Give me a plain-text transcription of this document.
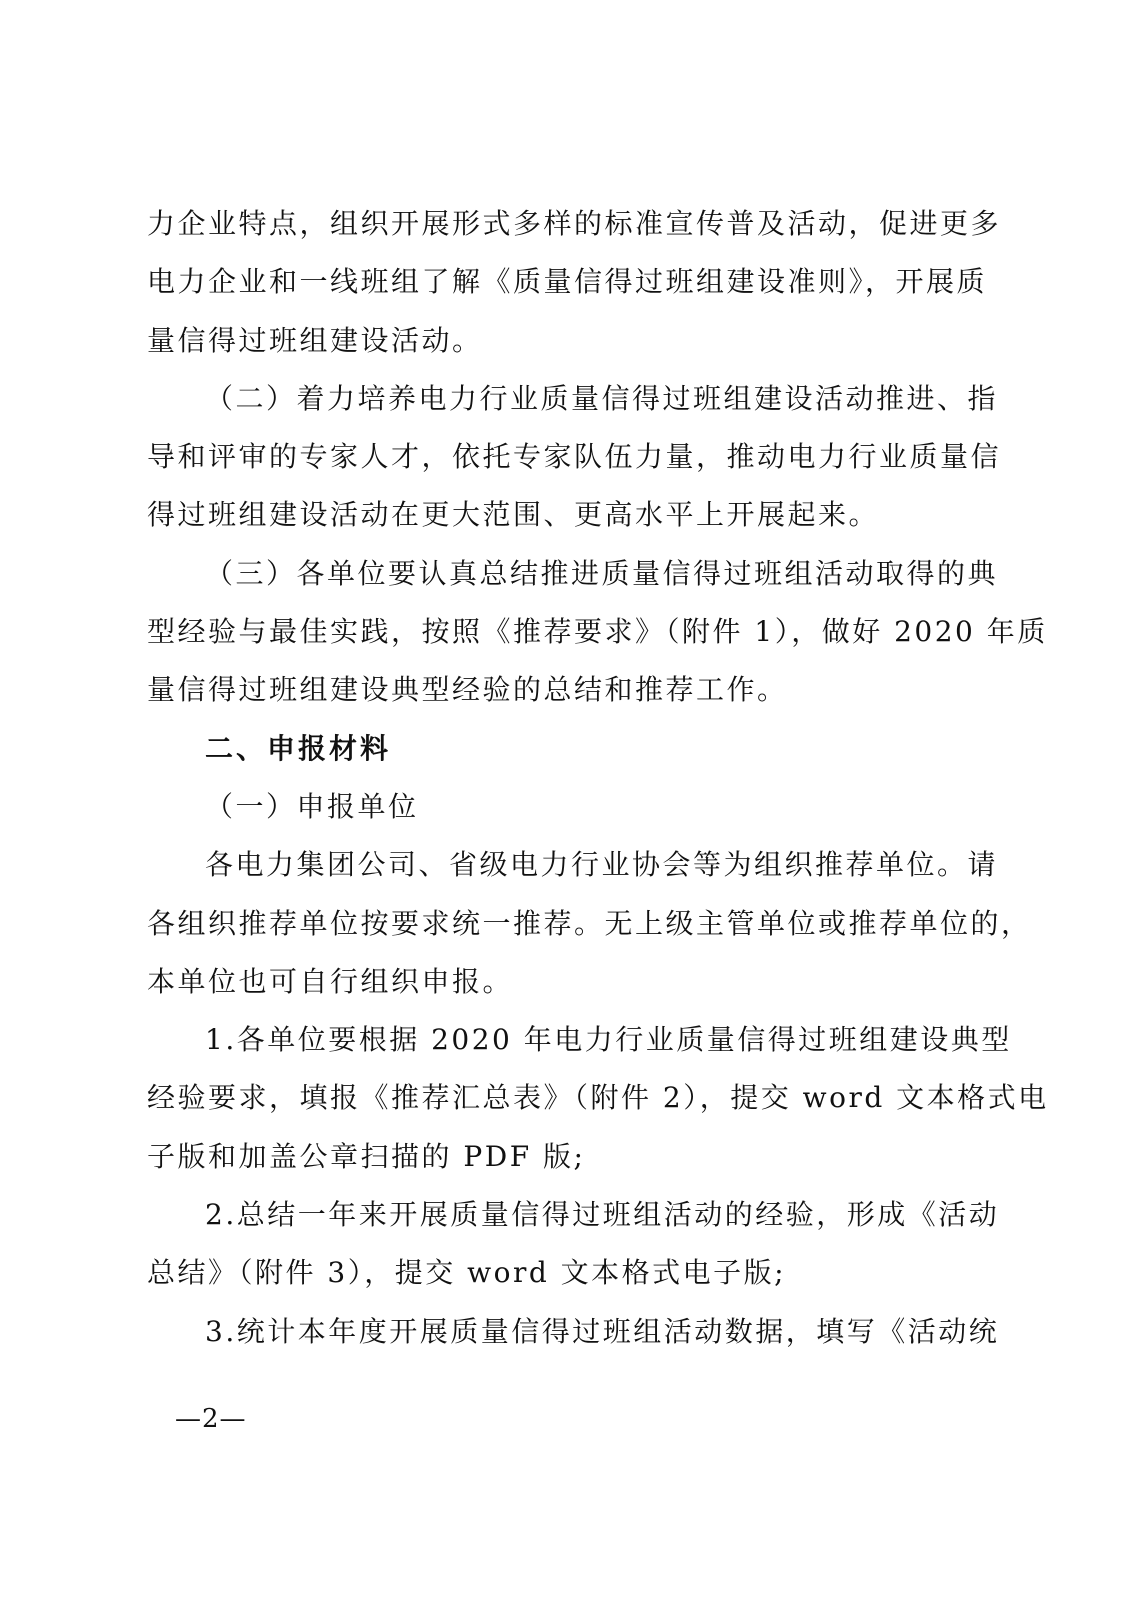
力企业特点，组织开展形式多样的标准宣传普及活动，促进更多
电力企业和一线班组了解《质量信得过班组建设准则》，开展质
量信得过班组建设活动。
（二）着力培养电力行业质量信得过班组建设活动推进、指
导和评审的专家人才，依托专家队伍力量，推动电力行业质量信
得过班组建设活动在更大范围、更高水平上开展起来。
（三）各单位要认真总结推进质量信得过班组活动取得的典
型经验与最佳实践，按照《推荐要求》（附件 1），做好 2020 年质
量信得过班组建设典型经验的总结和推荐工作。
二、申报材料
（一）申报单位
各电力集团公司、省级电力行业协会等为组织推荐单位。请
各组织推荐单位按要求统一推荐。无上级主管单位或推荐单位的，
本单位也可自行组织申报。
1.各单位要根据 2020 年电力行业质量信得过班组建设典型
经验要求，填报《推荐汇总表》（附件 2），提交 word 文本格式电
子版和加盖公章扫描的 PDF 版;
2.总结一年来开展质量信得过班组活动的经验，形成《活动
总结》（附件 3），提交 word 文本格式电子版;
3.统计本年度开展质量信得过班组活动数据，填写《活动统
—2—
